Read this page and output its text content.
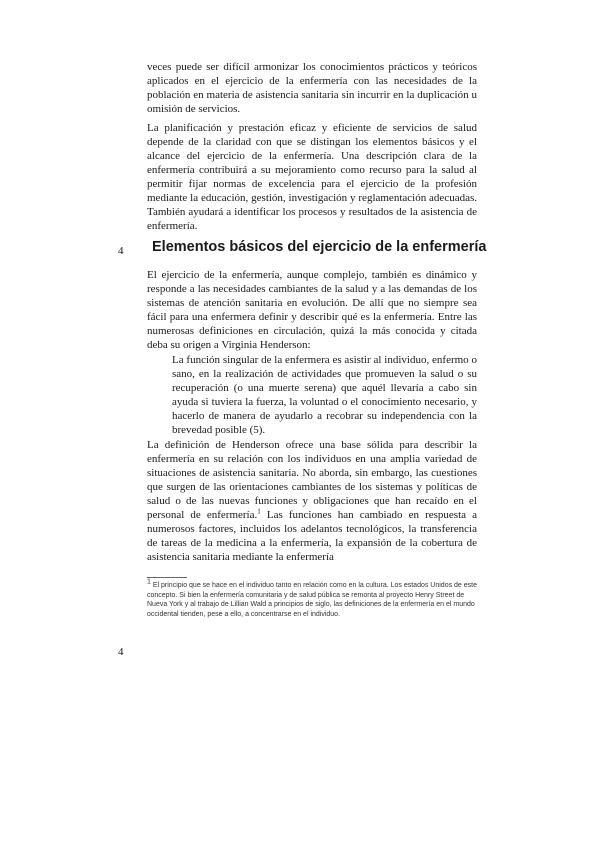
veces puede ser difícil armonizar los conocimientos prácticos y teóricos aplicados en el ejercicio de la enfermería con las necesidades de la población en materia de asistencia sanitaria sin incurrir en la duplicación u omisión de servicios.

La planificación y prestación eficaz y eficiente de servicios de salud depende de la claridad con que se distingan los elementos básicos y el alcance del ejercicio de la enfermería. Una descripción clara de la enfermería contribuirá a su mejoramiento como recurso para la salud al permitir fijar normas de excelencia para el ejercicio de la profesión mediante la educación, gestión, investigación y reglamentación adecuadas. También ayudará a identificar los procesos y resultados de la asistencia de enfermería.

4 Elementos básicos del ejercicio de la enfermería

El ejercicio de la enfermería, aunque complejo, también es dinámico y responde a las necesidades cambiantes de la salud y a las demandas de los sistemas de atención sanitaria en evolución. De allí que no siempre sea fácil para una enfermera definir y describir qué es la enfermería. Entre las numerosas definiciones en circulación, quizá la más conocida y citada deba su origen a Virginia Henderson:

La función singular de la enfermera es asistir al individuo, enfermo o sano, en la realización de actividades que promueven la salud o su recuperación (o una muerte serena) que aquél llevaría a cabo sin ayuda si tuviera la fuerza, la voluntad o el conocimiento necesario, y hacerlo de manera de ayudarlo a recobrar su independencia con la brevedad posible (5).

La definición de Henderson ofrece una base sólida para describir la enfermería en su relación con los individuos en una amplia variedad de situaciones de asistencia sanitaria. No aborda, sin embargo, las cuestiones que surgen de las orientaciones cambiantes de los sistemas y políticas de salud o de las nuevas funciones y obligaciones que han recaído en el personal de enfermería.$^1$ Las funciones han cambiado en respuesta a numerosos factores, incluidos los adelantos tecnológicos, la transferencia de tareas de la medicina a la enfermería, la expansión de la cobertura de asistencia sanitaria mediante la enfermería

$^1$ El principio que se hace en el individuo tanto en relación como en la cultura. Los estados Unidos de este concepto. Si bien la enfermería comunitaria y de salud pública se remonta al proyecto Henry Street de Nueva York y al trabajo de Lillian Wald a principios de siglo, las definiciones de la enfermería en el mundo occidental tienden, pese a ello, a concentrarse en el individuo.

4
